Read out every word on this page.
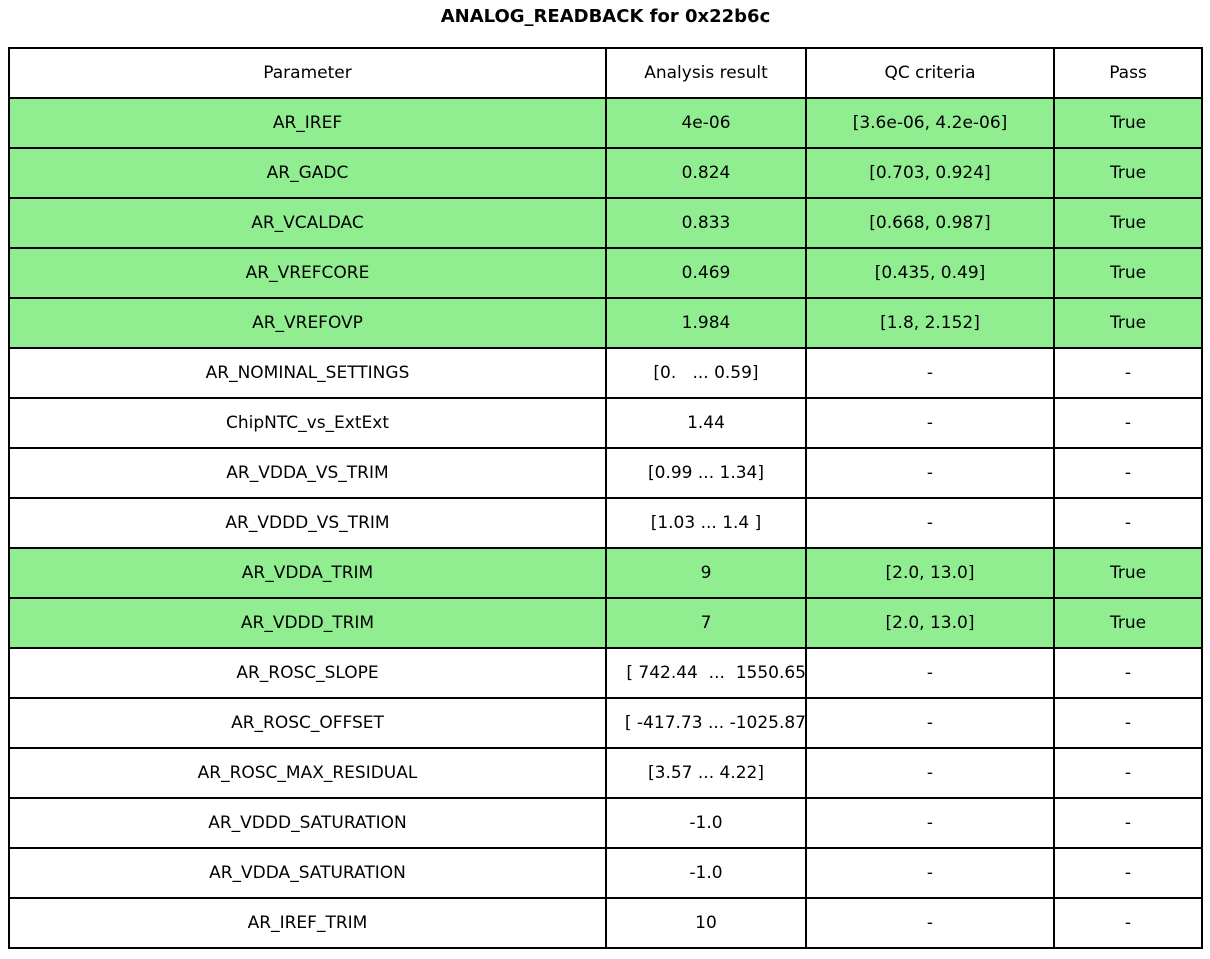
ANALOG_READBACK for 0x22b6c
Parameter	Analysis result	QC criteria	Pass
AR_IREF	4e-06	[3.6e-06, 4.2e-06]	True
AR_GADC	0.824	[0.703, 0.924]	True
AR_VCALDAC	0.833	[0.668, 0.987]	True
AR_VREFCORE	0.469	[0.435, 0.49]	True
AR_VREFOVP	1.984	[1.8, 2.152]	True
AR_NOMINAL_SETTINGS	[0.   ... 0.59]	-	-
ChipNTC_vs_ExtExt	1.44	-	-
AR_VDDA_VS_TRIM	[0.99 ... 1.34]	-	-
AR_VDDD_VS_TRIM	[1.03 ... 1.4 ]	-	-
AR_VDDA_TRIM	9	[2.0, 13.0]	True
AR_VDDD_TRIM	7	[2.0, 13.0]	True
AR_ROSC_SLOPE	[ 742.44  ...  1550.65	-	-
AR_ROSC_OFFSET	[ -417.73 ... -1025.87	-	-
AR_ROSC_MAX_RESIDUAL	[3.57 ... 4.22]	-	-
AR_VDDD_SATURATION	-1.0	-	-
AR_VDDA_SATURATION	-1.0	-	-
AR_IREF_TRIM	10	-	-
